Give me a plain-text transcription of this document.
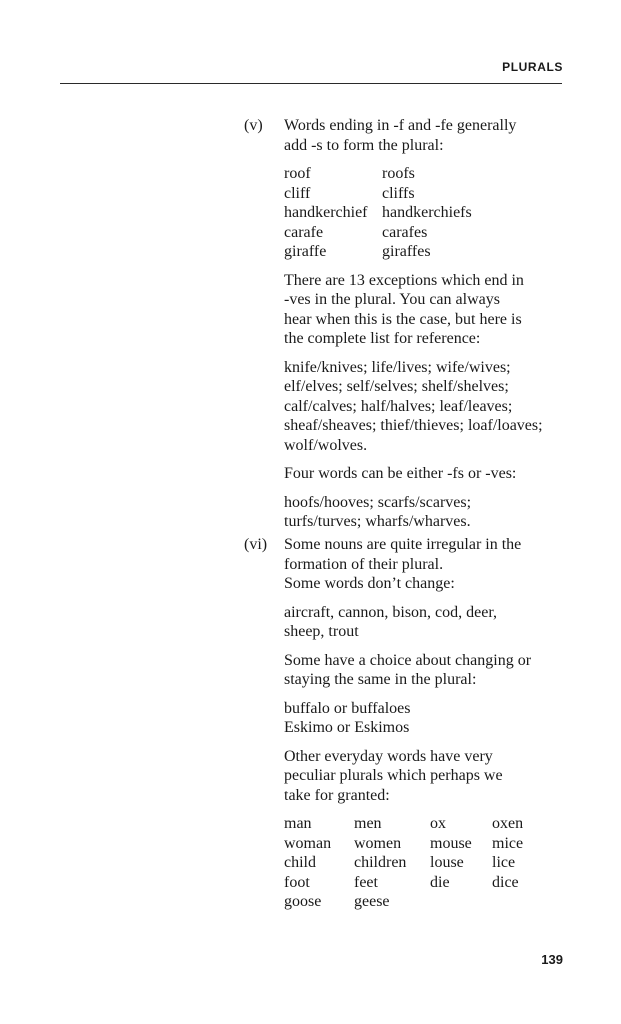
PLURALS
(v) Words ending in -f and -fe generally

add -s to form the plural:

roof	roofs
cliff	cliffs
handkerchief handkerchiefs
carafe	carafes
giraffe	giraffes

There are 13 exceptions which end in

-ves in the plural. You can always

hear when this is the case, but here is

the complete list for reference:

knife/knives; life/lives; wife/wives;

elf/elves; self/selves; shelf/shelves;

calf/calves; half/halves; leaf/leaves;

sheaf/sheaves; thief/thieves; loaf/loaves;

wolf/wolves.

Four words can be either -fs or -ves:

hoofs/hooves; scarfs/scarves;

turfs/turves; wharfs/wharves.

(vi) Some nouns are quite irregular in the

formation of their plural.

Some words don’t change:

aircraft, cannon, bison, cod, deer,

sheep, trout

Some have a choice about changing or

staying the same in the plural:

buffalo or buffaloes

Eskimo or Eskimos

Other everyday words have very

peculiar plurals which perhaps we

take for granted:

man	men	ox	oxen
woman	women	mouse	mice
child	children	louse	lice
foot	feet	die	dice
goose	geese
139
